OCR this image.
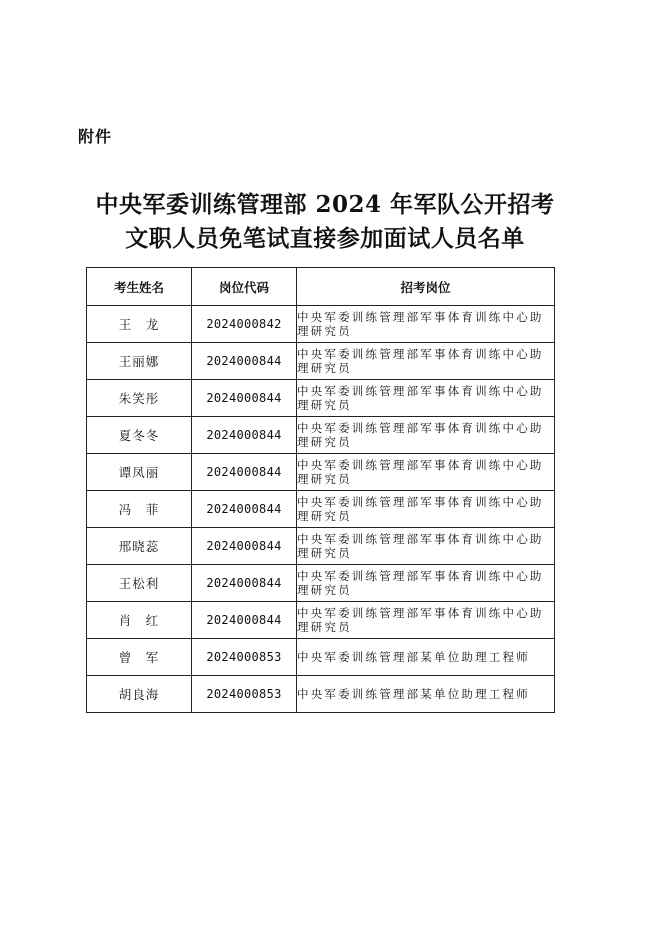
附件
中央军委训练管理部 2024 年军队公开招考
文职人员免笔试直接参加面试人员名单
考生姓名	岗位代码	招考岗位
王　龙	2024000842	中央军委训练管理部军事体育训练中心助理研究员
王丽娜	2024000844	中央军委训练管理部军事体育训练中心助理研究员
朱笑彤	2024000844	中央军委训练管理部军事体育训练中心助理研究员
夏冬冬	2024000844	中央军委训练管理部军事体育训练中心助理研究员
谭凤丽	2024000844	中央军委训练管理部军事体育训练中心助理研究员
冯　菲	2024000844	中央军委训练管理部军事体育训练中心助理研究员
邢晓蕊	2024000844	中央军委训练管理部军事体育训练中心助理研究员
王松利	2024000844	中央军委训练管理部军事体育训练中心助理研究员
肖　红	2024000844	中央军委训练管理部军事体育训练中心助理研究员
曾　军	2024000853	中央军委训练管理部某单位助理工程师
胡良海	2024000853	中央军委训练管理部某单位助理工程师
